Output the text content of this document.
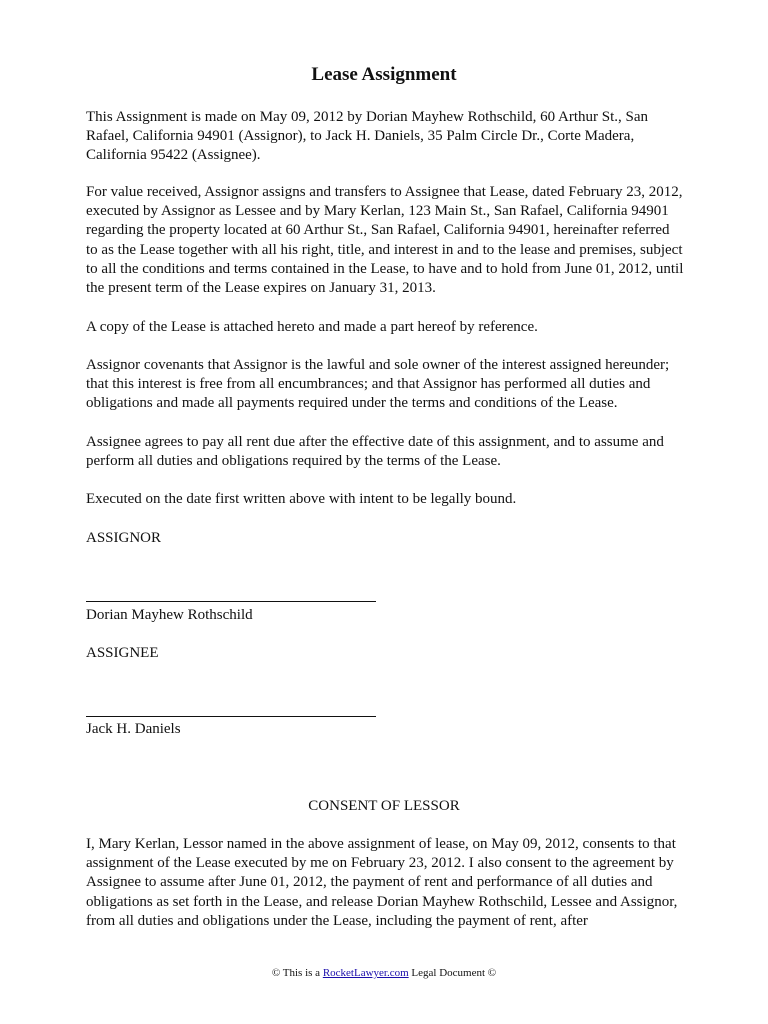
Lease Assignment

This Assignment is made on May 09, 2012 by Dorian Mayhew Rothschild, 60 Arthur St., San Rafael, California 94901 (Assignor), to Jack H. Daniels, 35 Palm Circle Dr., Corte Madera, California 95422 (Assignee).

For value received, Assignor assigns and transfers to Assignee that Lease, dated February 23, 2012, executed by Assignor as Lessee and by Mary Kerlan, 123 Main St., San Rafael, California 94901 regarding the property located at 60 Arthur St., San Rafael, California 94901, hereinafter referred to as the Lease together with all his right, title, and interest in and to the lease and premises, subject to all the conditions and terms contained in the Lease, to have and to hold from June 01, 2012, until the present term of the Lease expires on January 31, 2013.

A copy of the Lease is attached hereto and made a part hereof by reference.

Assignor covenants that Assignor is the lawful and sole owner of the interest assigned hereunder; that this interest is free from all encumbrances; and that Assignor has performed all duties and obligations and made all payments required under the terms and conditions of the Lease.

Assignee agrees to pay all rent due after the effective date of this assignment, and to assume and perform all duties and obligations required by the terms of the Lease.

Executed on the date first written above with intent to be legally bound.

ASSIGNOR

Dorian Mayhew Rothschild

ASSIGNEE

Jack H. Daniels

CONSENT OF LESSOR

I, Mary Kerlan, Lessor named in the above assignment of lease, on May 09, 2012, consents to that assignment of the Lease executed by me on February 23, 2012. I also consent to the agreement by Assignee to assume after June 01, 2012, the payment of rent and performance of all duties and obligations as set forth in the Lease, and release Dorian Mayhew Rothschild, Lessee and Assignor, from all duties and obligations under the Lease, including the payment of rent, after

© This is a RocketLawyer.com Legal Document ©
